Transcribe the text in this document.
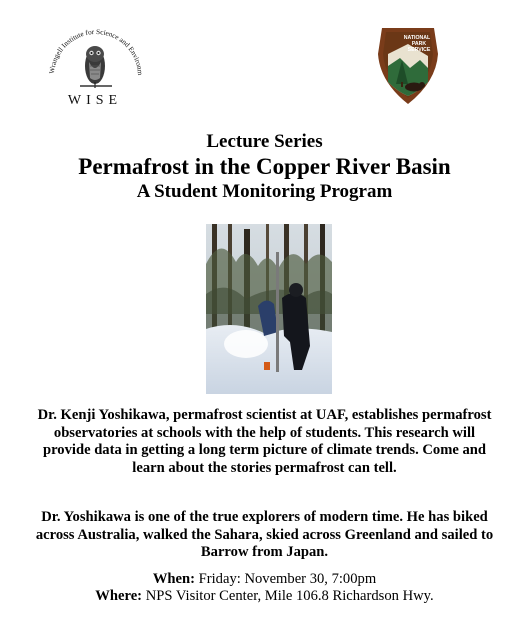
Wrangell Institute for Science and Environm
WISE
NATIONAL
PARK
SERVICE
Lecture Series
Permafrost in the Copper River Basin
A Student Monitoring Program
Dr. Kenji Yoshikawa, permafrost scientist at UAF, establishes permafrost observatories at schools with the help of students. This research will provide data in getting a long term picture of climate trends. Come and learn about the stories permafrost can tell.
Dr. Yoshikawa is one of the true explorers of modern time. He has biked across Australia, walked the Sahara, skied across Greenland and sailed to Barrow from Japan.
When: Friday: November 30, 7:00pm
Where: NPS Visitor Center, Mile 106.8 Richardson Hwy.
